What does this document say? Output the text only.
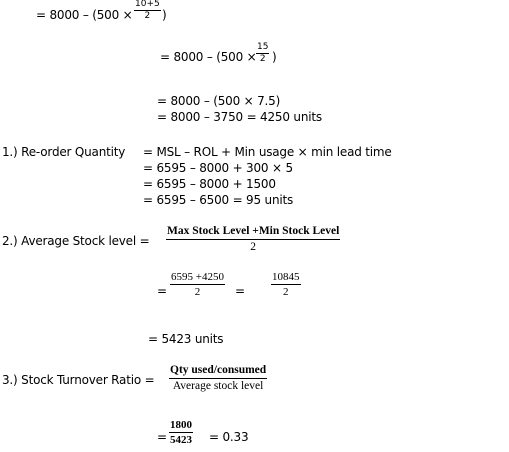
= $8000 - (500 \times \frac{10+5}{2}$ )
= $8000 - (500 \times \frac{15}{2}$ )
= 8000 – (500 × 7.5)
= 8000 – 3750 = 4250 units
1.) Re-order Quantity = MSL – ROL + Min usage × min lead time
= 6595 – 8000 + 300 × 5
= 6595 – 8000 + 1500
= 6595 – 6500 = 95 units
2.) Average Stock level =
Max Stock Level +Min Stock Level
2
= $\frac{6595 +4250}{2} = \frac{10845}{2}$
= 5423 units
3.) Stock Turnover Ratio =
Qty used/consumed
Average stock level
= $\frac{1800}{5423} = 0.33$
